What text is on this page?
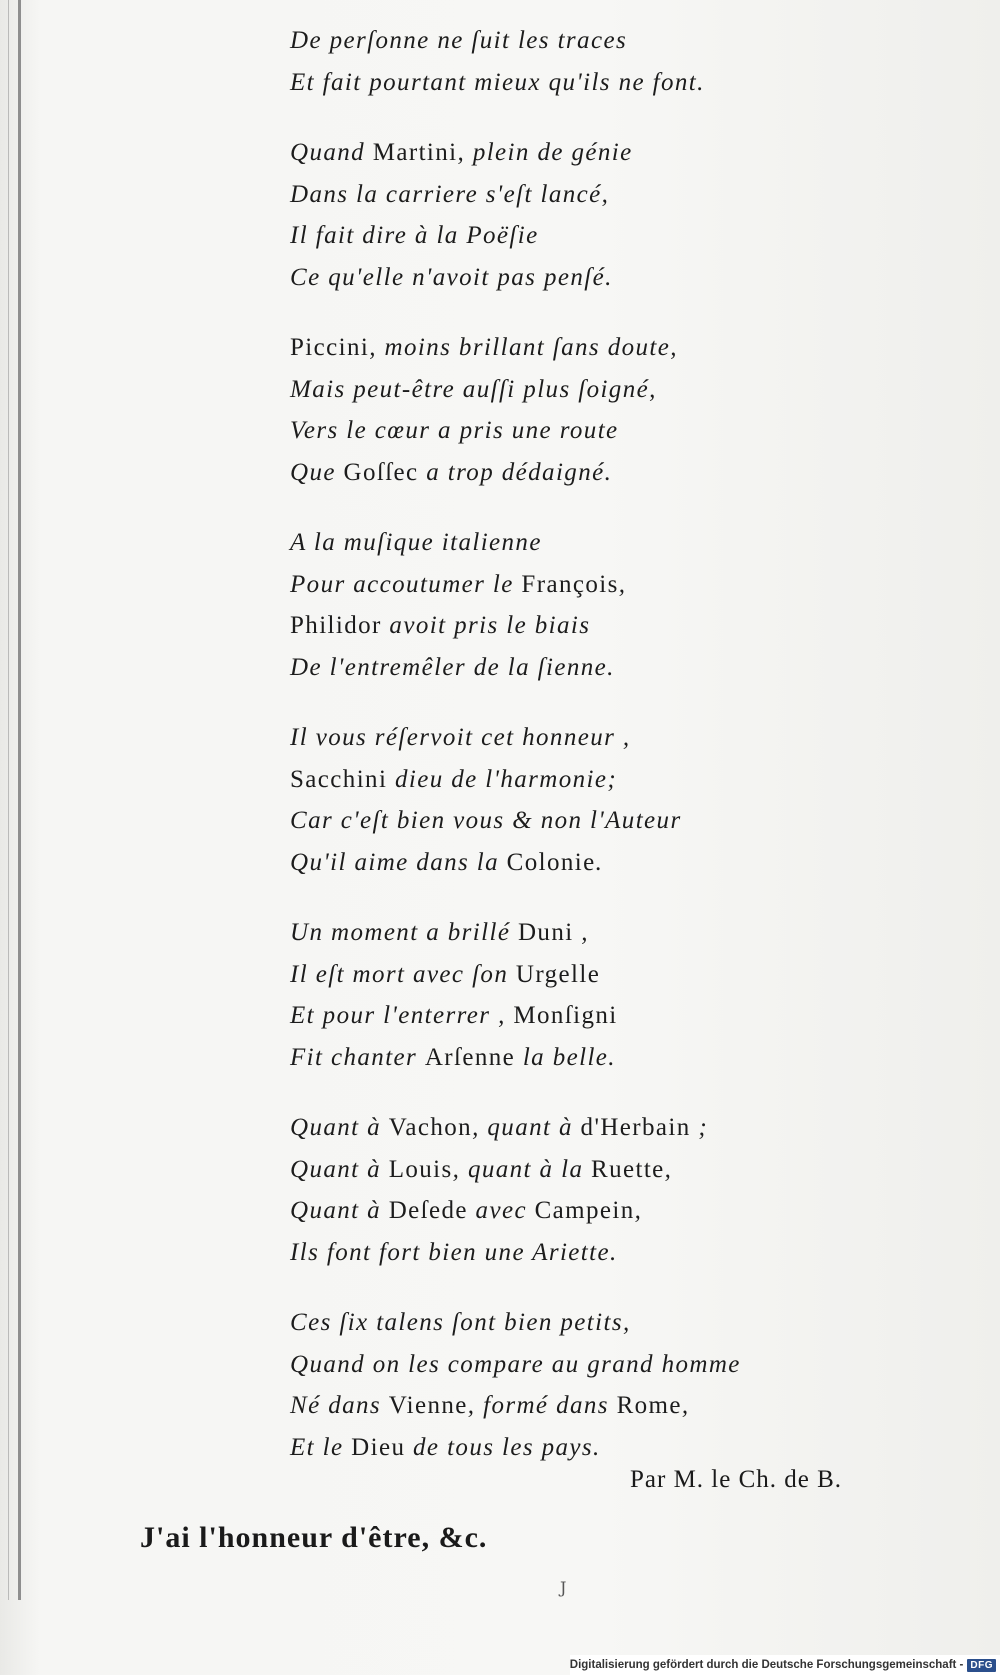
De perſonne ne ſuit les traces
Et fait pourtant mieux qu'ils ne font.
Quand Martini, plein de génie
Dans la carriere s'eſt lancé,
Il fait dire à la Poëſie
Ce qu'elle n'avoit pas penſé.
Piccini, moins brillant ſans doute,
Mais peut-être auſſi plus ſoigné,
Vers le cœur a pris une route
Que Goſſec a trop dédaigné.
A la muſique italienne
Pour accoutumer le François,
Philidor avoit pris le biais
De l'entremêler de la ſienne.
Il vous réſervoit cet honneur ,
Sacchini dieu de l'harmonie;
Car c'eſt bien vous & non l'Auteur
Qu'il aime dans la Colonie.
Un moment a brillé Duni ,
Il eſt mort avec ſon Urgelle
Et pour l'enterrer , Monſigni
Fit chanter Arſenne la belle.
Quant à Vachon, quant à d'Herbain ;
Quant à Louis, quant à la Ruette,
Quant à Deſede avec Campein,
Ils font fort bien une Ariette.
Ces ſix talens ſont bien petits,
Quand on les compare au grand homme
Né dans Vienne, formé dans Rome,
Et le Dieu de tous les pays.
Par M. le Ch. de B.
J'ai l'honneur d'être, &c.
J
Digitalisierung gefördert durch die Deutsche Forschungsgemeinschaft - DFG
